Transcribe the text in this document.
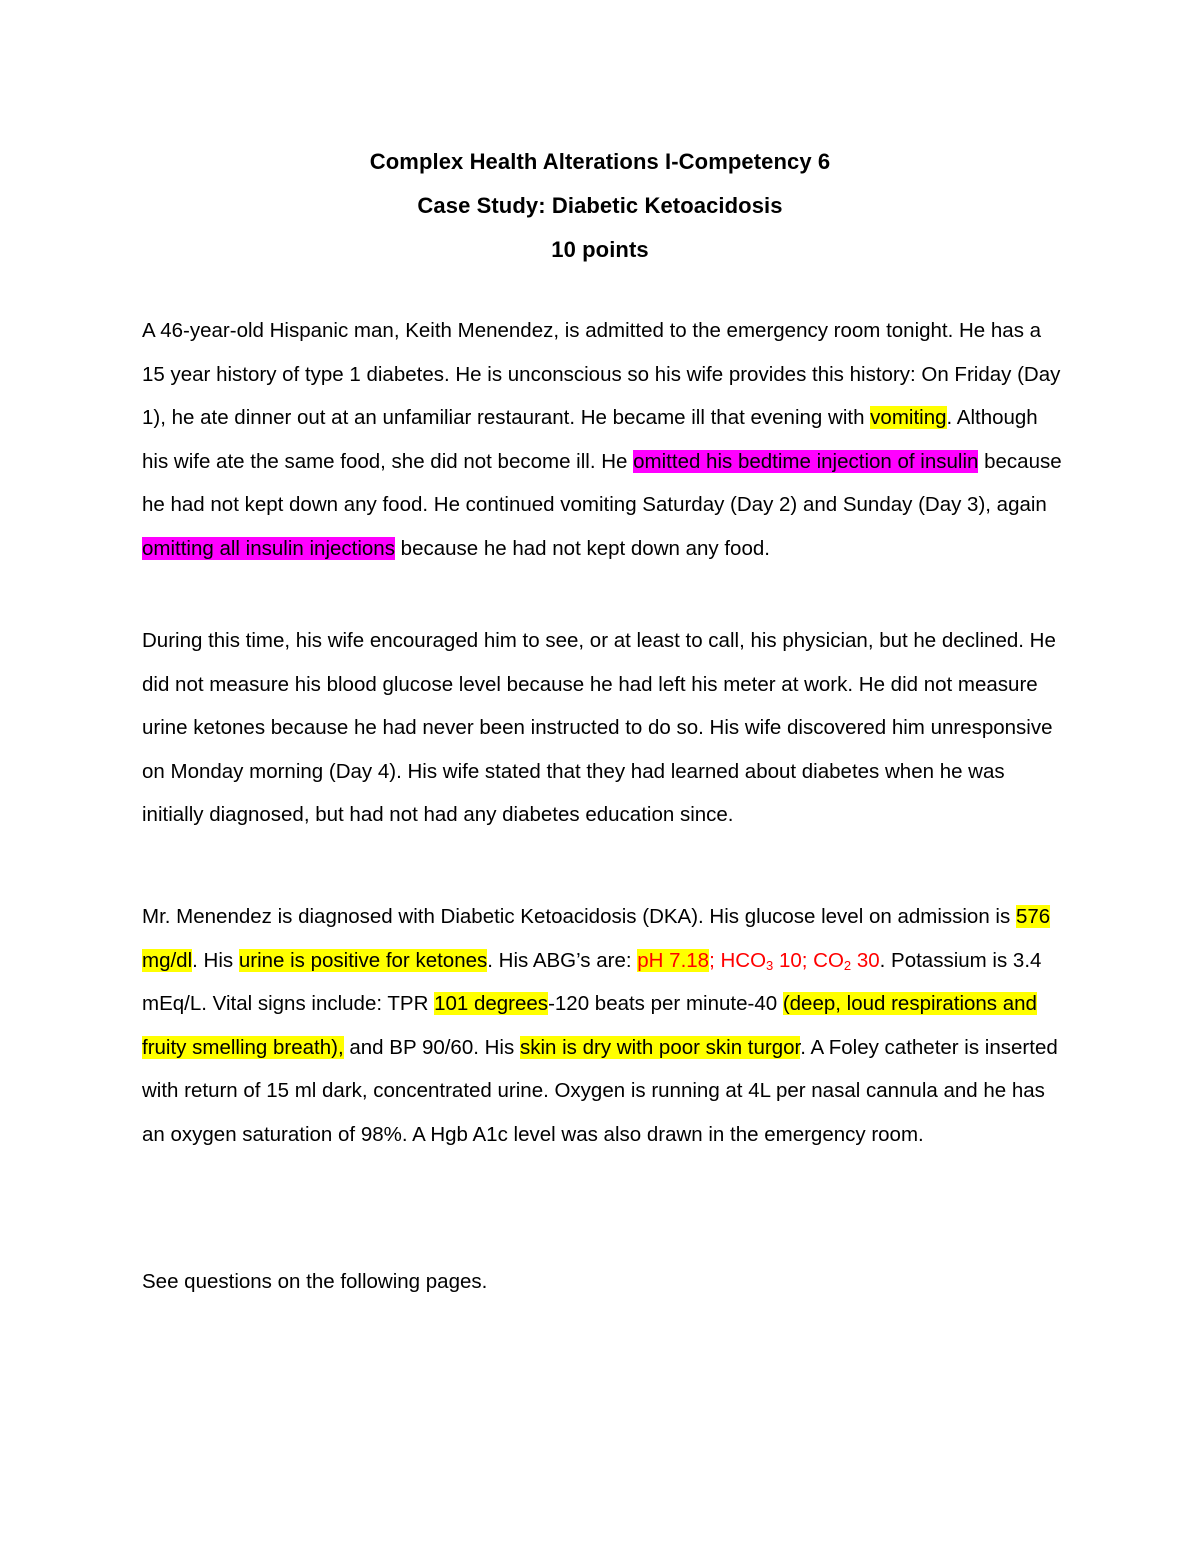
Complex Health Alterations I-Competency 6
Case Study: Diabetic Ketoacidosis
10 points
A 46-year-old Hispanic man, Keith Menendez, is admitted to the emergency room tonight. He has a 15 year history of type 1 diabetes. He is unconscious so his wife provides this history: On Friday (Day 1), he ate dinner out at an unfamiliar restaurant. He became ill that evening with vomiting. Although his wife ate the same food, she did not become ill. He omitted his bedtime injection of insulin because he had not kept down any food. He continued vomiting Saturday (Day 2) and Sunday (Day 3), again omitting all insulin injections because he had not kept down any food.
During this time, his wife encouraged him to see, or at least to call, his physician, but he declined. He did not measure his blood glucose level because he had left his meter at work. He did not measure urine ketones because he had never been instructed to do so. His wife discovered him unresponsive on Monday morning (Day 4). His wife stated that they had learned about diabetes when he was initially diagnosed, but had not had any diabetes education since.
Mr. Menendez is diagnosed with Diabetic Ketoacidosis (DKA). His glucose level on admission is 576 mg/dl. His urine is positive for ketones. His ABG’s are: pH 7.18; $HCO_3$ 10; $CO_2$ 30. Potassium is 3.4 mEq/L. Vital signs include: TPR 101 degrees-120 beats per minute-40 (deep, loud respirations and fruity smelling breath), and BP 90/60. His skin is dry with poor skin turgor. A Foley catheter is inserted with return of 15 ml dark, concentrated urine. Oxygen is running at 4L per nasal cannula and he has an oxygen saturation of 98%. A Hgb A1c level was also drawn in the emergency room.
See questions on the following pages.
